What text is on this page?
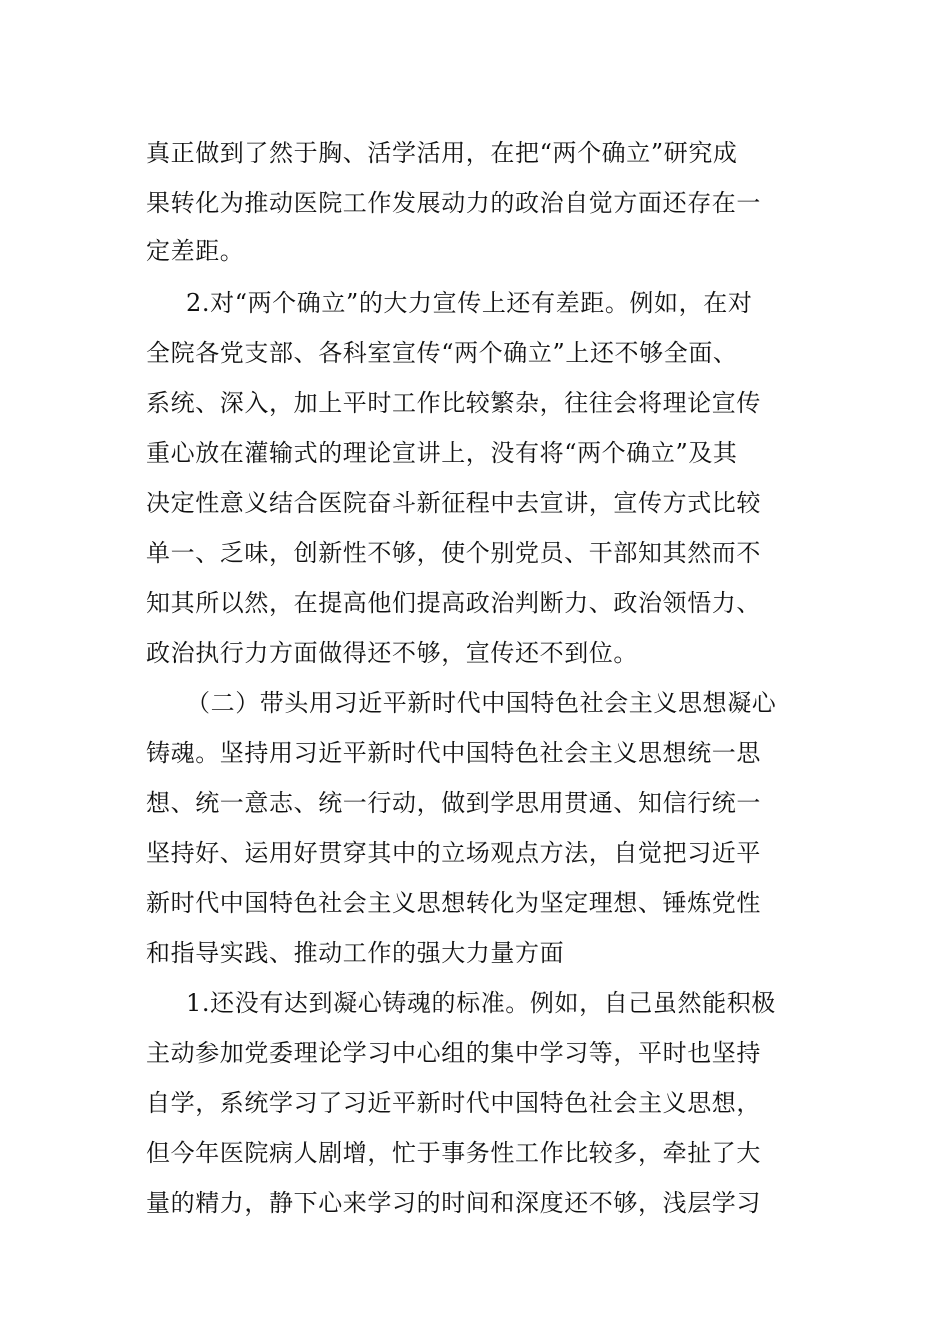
真正做到了然于胸、活学活用，在把“两个确立”研究成
果转化为推动医院工作发展动力的政治自觉方面还存在一
定差距。
2.对“两个确立”的大力宣传上还有差距。例如，在对
全院各党支部、各科室宣传“两个确立”上还不够全面、
系统、深入，加上平时工作比较繁杂，往往会将理论宣传
重心放在灌输式的理论宣讲上，没有将“两个确立”及其
决定性意义结合医院奋斗新征程中去宣讲，宣传方式比较
单一、乏味，创新性不够，使个别党员、干部知其然而不
知其所以然，在提高他们提高政治判断力、政治领悟力、
政治执行力方面做得还不够，宣传还不到位。
（二）带头用习近平新时代中国特色社会主义思想凝心
铸魂。坚持用习近平新时代中国特色社会主义思想统一思
想、统一意志、统一行动，做到学思用贯通、知信行统一
坚持好、运用好贯穿其中的立场观点方法，自觉把习近平
新时代中国特色社会主义思想转化为坚定理想、锤炼党性
和指导实践、推动工作的强大力量方面
1.还没有达到凝心铸魂的标准。例如，自己虽然能积极
主动参加党委理论学习中心组的集中学习等，平时也坚持
自学，系统学习了习近平新时代中国特色社会主义思想，
但今年医院病人剧增，忙于事务性工作比较多，牵扯了大
量的精力，静下心来学习的时间和深度还不够，浅层学习
